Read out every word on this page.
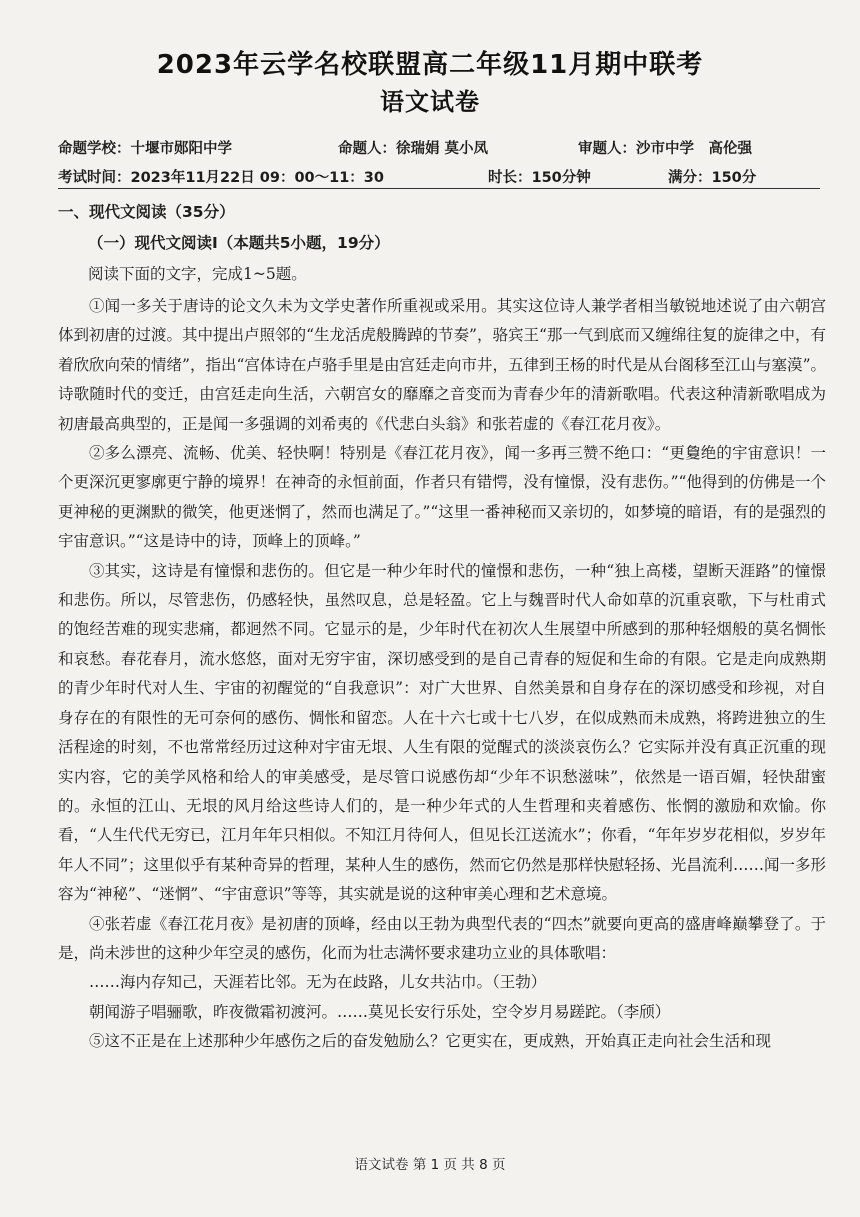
2023年云学名校联盟高二年级11月期中联考
语文试卷
命题学校：十堰市郧阳中学	命题人：徐瑞娟 莫小凤	审题人：沙市中学　高伦强
考试时间：2023年11月22日 09：00～11：30	时长：150分钟	满分：150分
一、现代文阅读（35分）
（一）现代文阅读Ⅰ（本题共5小题，19分）
阅读下面的文字，完成1~5题。

①闻一多关于唐诗的论文久未为文学史著作所重视或采用。其实这位诗人兼学者相当敏锐地述说了由六朝宫体到初唐的过渡。其中提出卢照邻的“生龙活虎般腾踔的节奏”，骆宾王“那一气到底而又缠绵往复的旋律之中，有着欣欣向荣的情绪”，指出“宫体诗在卢骆手里是由宫廷走向市井，五律到王杨的时代是从台阁移至江山与塞漠”。诗歌随时代的变迁，由宫廷走向生活，六朝宫女的靡靡之音变而为青春少年的清新歌唱。代表这种清新歌唱成为初唐最高典型的，正是闻一多强调的刘希夷的《代悲白头翁》和张若虚的《春江花月夜》。

②多么漂亮、流畅、优美、轻快啊！特别是《春江花月夜》，闻一多再三赞不绝口：“更敻绝的宇宙意识！一个更深沉更寥廓更宁静的境界！在神奇的永恒前面，作者只有错愕，没有憧憬，没有悲伤。”“他得到的仿佛是一个更神秘的更渊默的微笑，他更迷惘了，然而也满足了。”“这里一番神秘而又亲切的，如梦境的暗语，有的是强烈的宇宙意识。”“这是诗中的诗，顶峰上的顶峰。”

③其实，这诗是有憧憬和悲伤的。但它是一种少年时代的憧憬和悲伤，一种“独上高楼，望断天涯路”的憧憬和悲伤。所以，尽管悲伤，仍感轻快，虽然叹息，总是轻盈。它上与魏晋时代人命如草的沉重哀歌，下与杜甫式的饱经苦难的现实悲痛，都迥然不同。它显示的是，少年时代在初次人生展望中所感到的那种轻烟般的莫名惆怅和哀愁。春花春月，流水悠悠，面对无穷宇宙，深切感受到的是自己青春的短促和生命的有限。它是走向成熟期的青少年时代对人生、宇宙的初醒觉的“自我意识”：对广大世界、自然美景和自身存在的深切感受和珍视，对自身存在的有限性的无可奈何的感伤、惆怅和留恋。人在十六七或十七八岁，在似成熟而未成熟，将跨进独立的生活程途的时刻，不也常常经历过这种对宇宙无垠、人生有限的觉醒式的淡淡哀伤么？它实际并没有真正沉重的现实内容，它的美学风格和给人的审美感受，是尽管口说感伤却“少年不识愁滋味”，依然是一语百媚，轻快甜蜜的。永恒的江山、无垠的风月给这些诗人们的，是一种少年式的人生哲理和夹着感伤、怅惘的激励和欢愉。你看，“人生代代无穷已，江月年年只相似。不知江月待何人，但见长江送流水”；你看，“年年岁岁花相似，岁岁年年人不同”；这里似乎有某种奇异的哲理，某种人生的感伤，然而它仍然是那样快慰轻扬、光昌流利……闻一多形容为“神秘”、“迷惘”、“宇宙意识”等等，其实就是说的这种审美心理和艺术意境。

④张若虚《春江花月夜》是初唐的顶峰，经由以王勃为典型代表的“四杰”就要向更高的盛唐峰巅攀登了。于是，尚未涉世的这种少年空灵的感伤，化而为壮志满怀要求建功立业的具体歌唱：

……海内存知己，天涯若比邻。无为在歧路，儿女共沾巾。（王勃）

朝闻游子唱骊歌，昨夜微霜初渡河。……莫见长安行乐处，空令岁月易蹉跎。（李颀）

⑤这不正是在上述那种少年感伤之后的奋发勉励么？它更实在，更成熟，开始真正走向社会生活和现

语文试卷 第 1 页 共 8 页
